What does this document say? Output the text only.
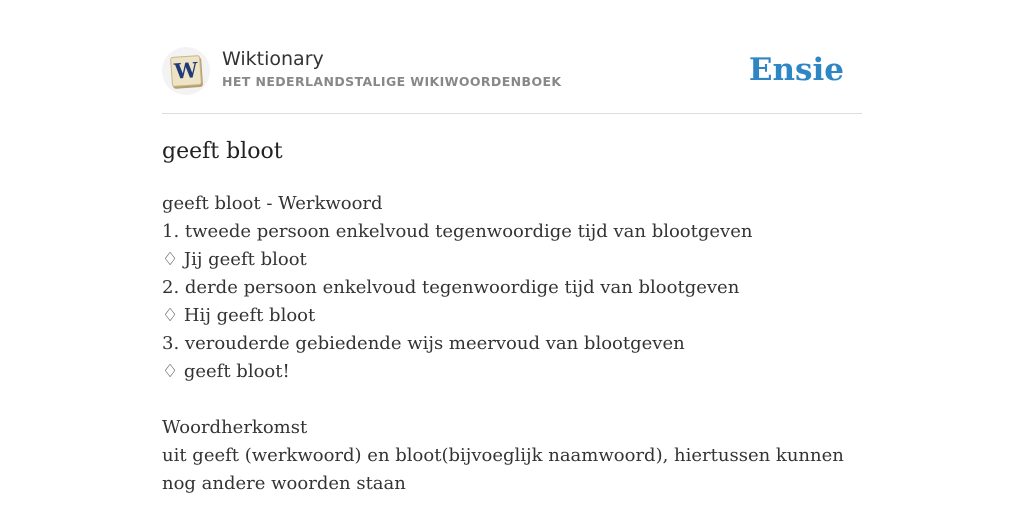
W Wiktionary
HET NEDERLANDSTALIGE WIKIWOORDENBOEK	Ensie
geeft bloot
geeft bloot - Werkwoord
1. tweede persoon enkelvoud tegenwoordige tijd van blootgeven
♢ Jij geeft bloot
2. derde persoon enkelvoud tegenwoordige tijd van blootgeven
♢ Hij geeft bloot
3. verouderde gebiedende wijs meervoud van blootgeven
♢ geeft bloot!
Woordherkomst
uit geeft (werkwoord) en bloot(bijvoeglijk naamwoord), hiertussen kunnen nog andere woorden staan
